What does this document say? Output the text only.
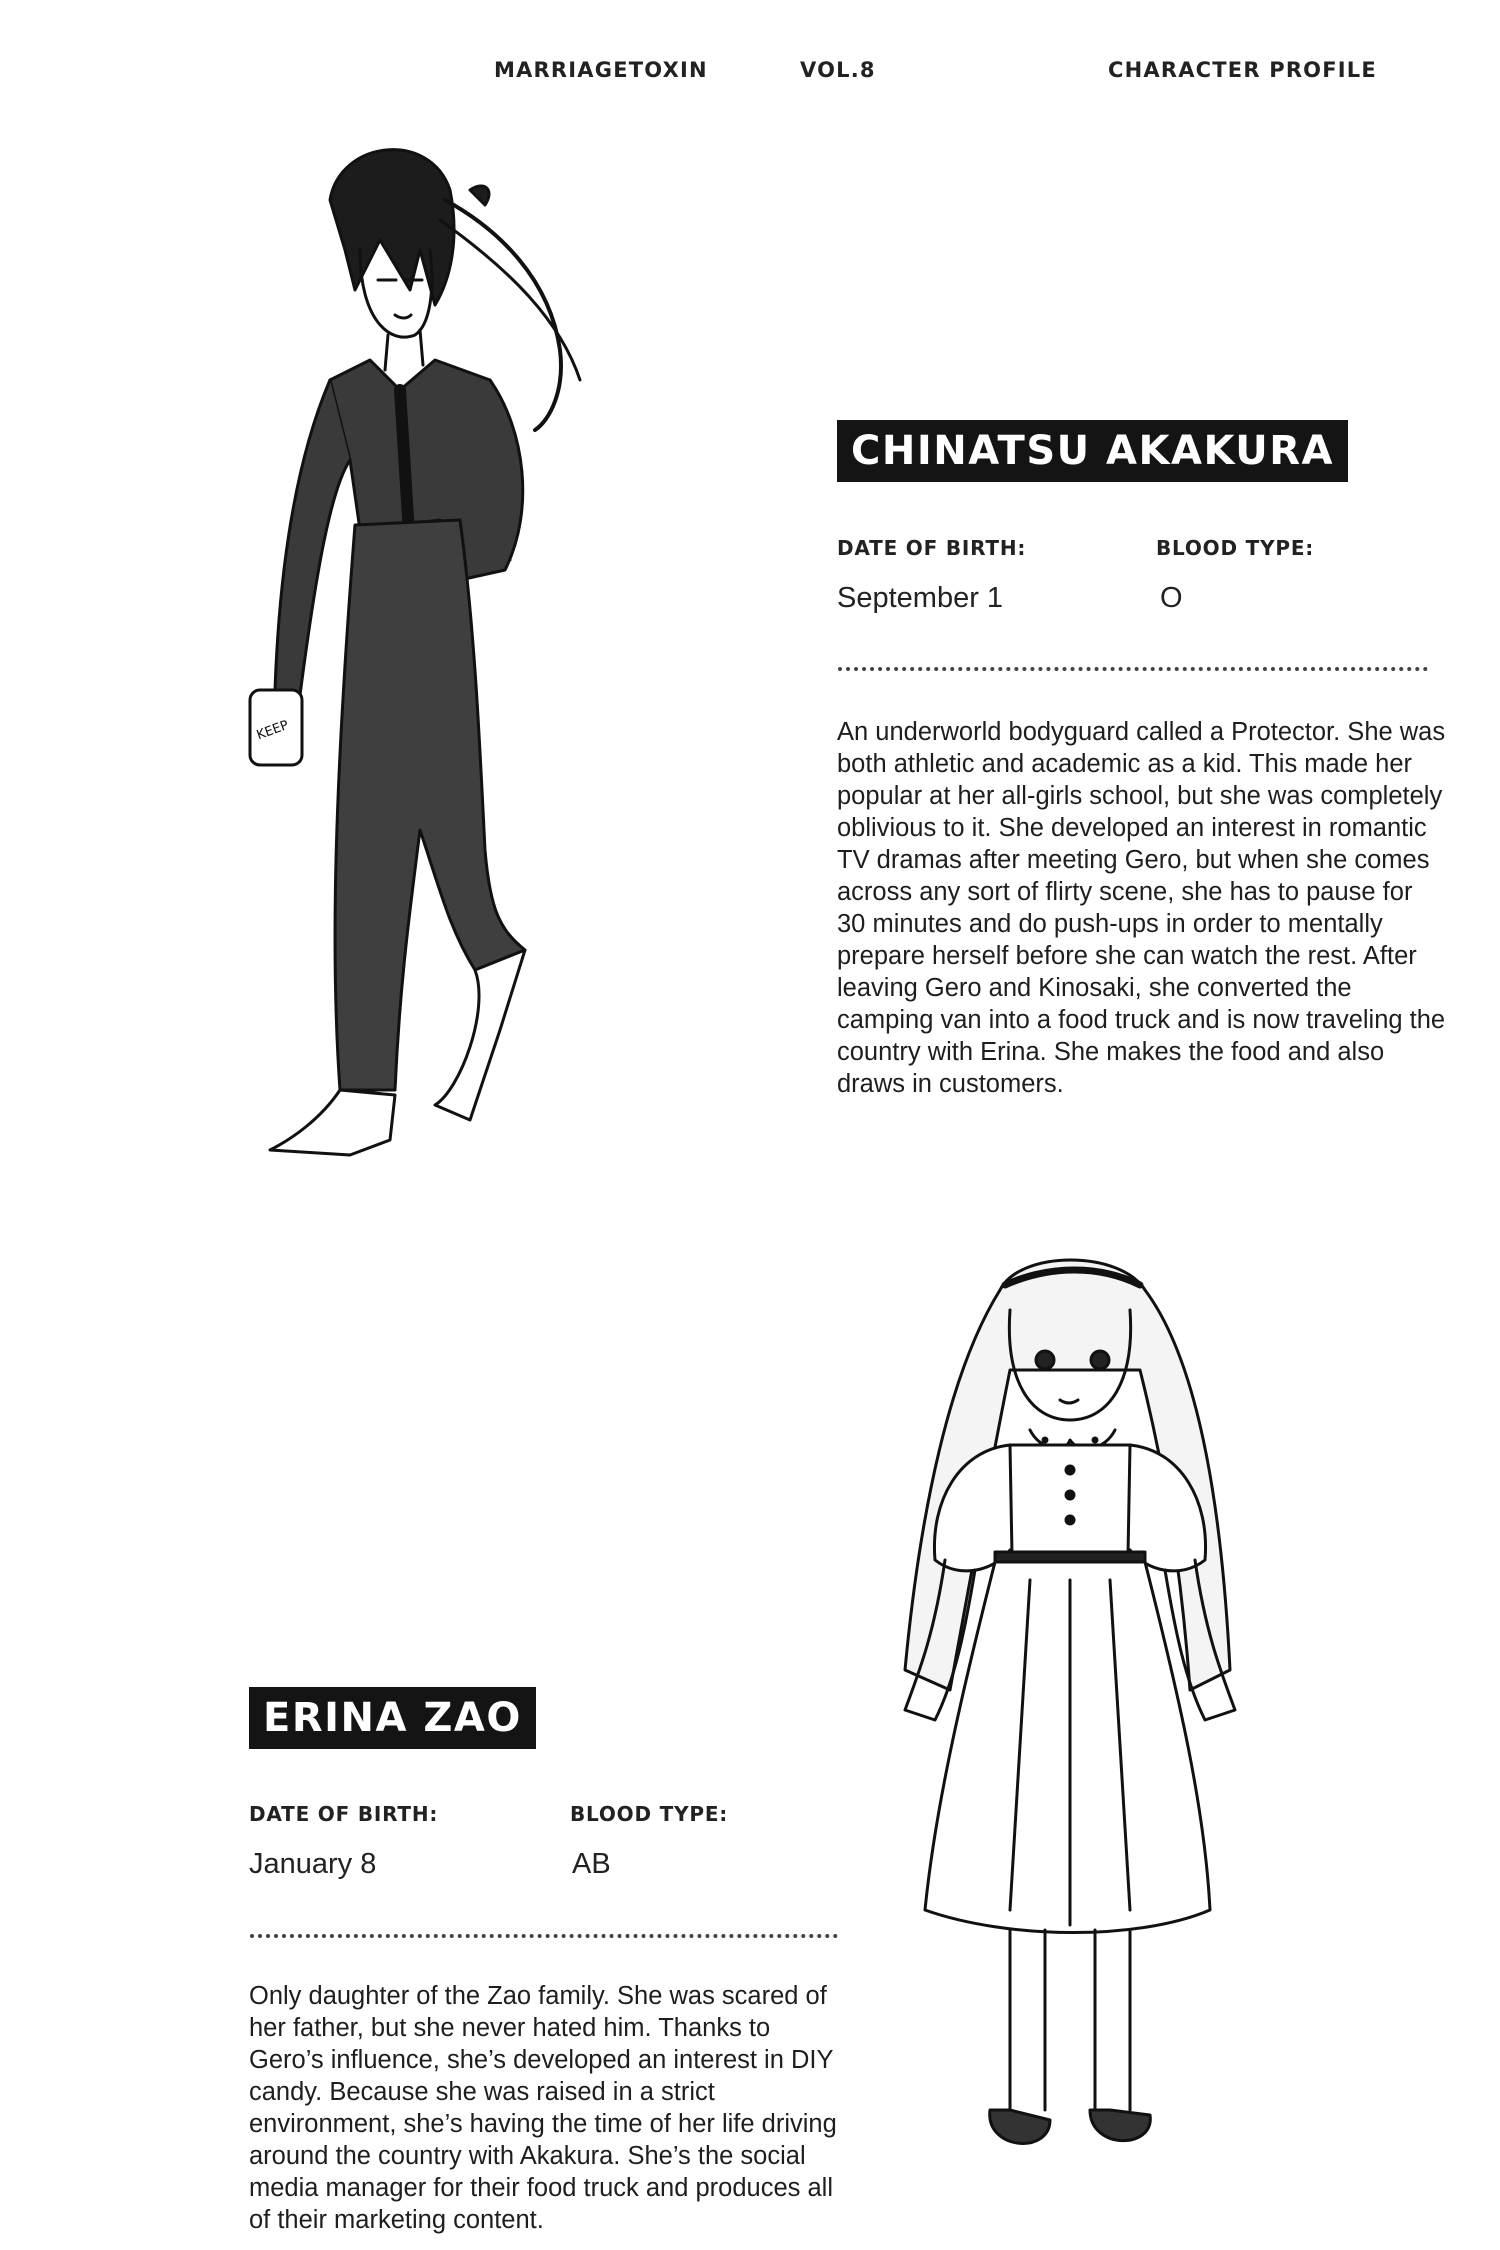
MARRIAGETOXIN	VOL.8	CHARACTER PROFILE
KEEP
CHINATSU AKAKURA
DATE OF BIRTH:	BLOOD TYPE:
September 1	O

An underworld bodyguard called a Protector. She was both athletic and academic as a kid. This made her popular at her all-girls school, but she was completely oblivious to it. She developed an interest in romantic TV dramas after meeting Gero, but when she comes across any sort of flirty scene, she has to pause for 30 minutes and do push-ups in order to mentally prepare herself before she can watch the rest. After leaving Gero and Kinosaki, she converted the camping van into a food truck and is now traveling the country with Erina. She makes the food and also draws in customers.

ERINA ZAO
DATE OF BIRTH:	BLOOD TYPE:
January 8	AB

Only daughter of the Zao family. She was scared of her father, but she never hated him. Thanks to Gero’s influence, she’s developed an interest in DIY candy. Because she was raised in a strict environment, she’s having the time of her life driving around the country with Akakura. She’s the social media manager for their food truck and produces all of their marketing content.
